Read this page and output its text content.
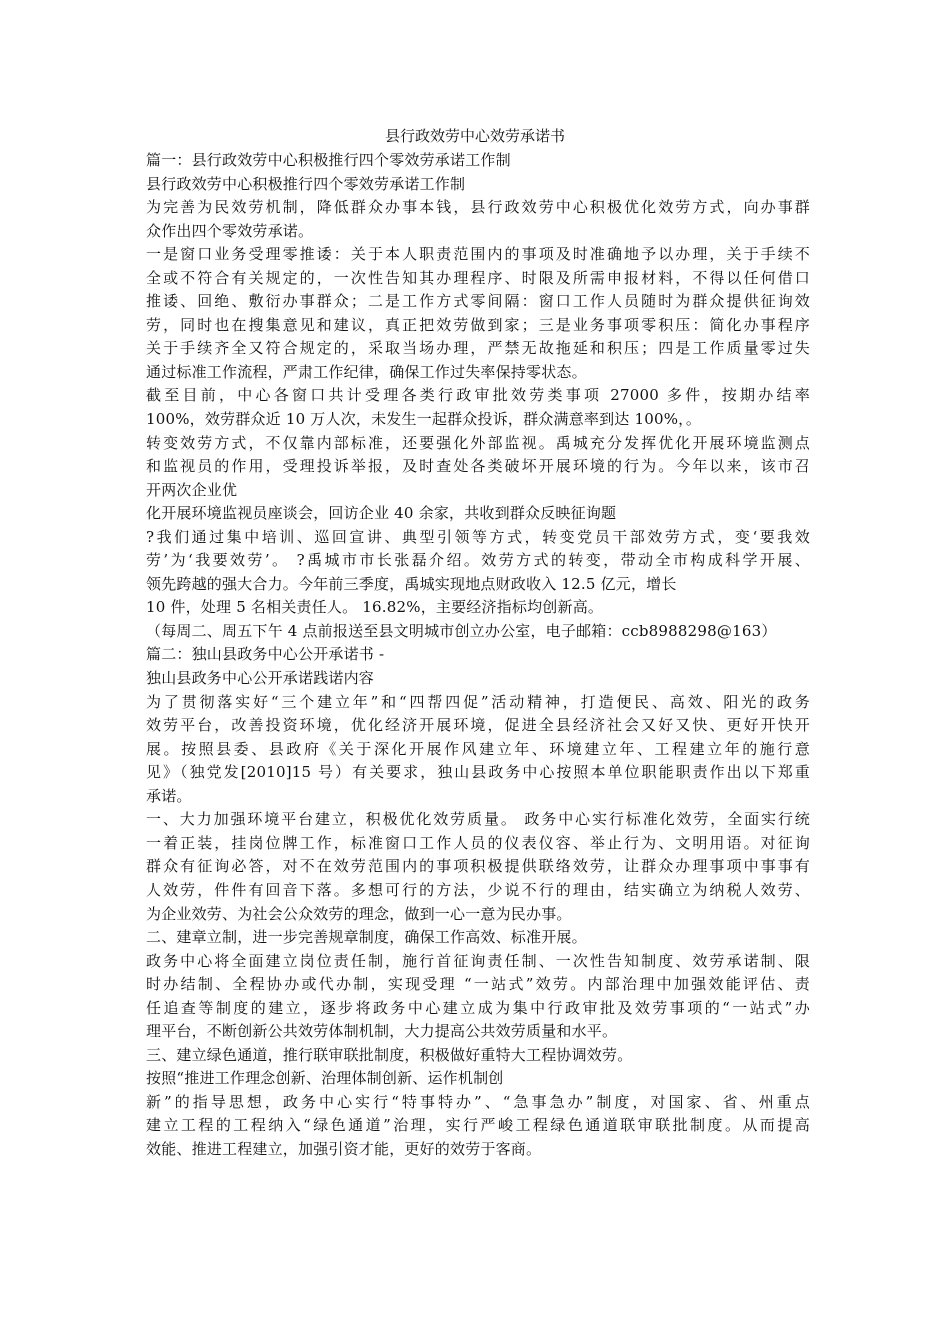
县行政效劳中心效劳承诺书
篇一：县行政效劳中心积极推行四个零效劳承诺工作制
县行政效劳中心积极推行四个零效劳承诺工作制
为完善为民效劳机制，降低群众办事本钱，县行政效劳中心积极优化效劳方式，向办事群
众作出四个零效劳承诺。
一是窗口业务受理零推诿：关于本人职责范围内的事项及时准确地予以办理，关于手续不
全或不符合有关规定的，一次性告知其办理程序、时限及所需申报材料，不得以任何借口
推诿、回绝、敷衍办事群众；二是工作方式零间隔：窗口工作人员随时为群众提供征询效
劳，同时也在搜集意见和建议，真正把效劳做到家；三是业务事项零积压：简化办事程序
关于手续齐全又符合规定的，采取当场办理，严禁无故拖延和积压；四是工作质量零过失
通过标准工作流程，严肃工作纪律，确保工作过失率保持零状态。
截至目前，中心各窗口共计受理各类行政审批效劳类事项 27000 多件，按期办结率
100%，效劳群众近 10 万人次，未发生一起群众投诉，群众满意率到达 100%，。
转变效劳方式，不仅靠内部标准，还要强化外部监视。禹城充分发挥优化开展环境监测点
和监视员的作用，受理投诉举报，及时查处各类破坏开展环境的行为。今年以来，该市召
开两次企业优
化开展环境监视员座谈会，回访企业 40 余家，共收到群众反映征询题
?我们通过集中培训、巡回宣讲、典型引领等方式，转变党员干部效劳方式，变‘要我效
劳’为‘我要效劳’。 ?禹城市市长张磊介绍。效劳方式的转变，带动全市构成科学开展、
领先跨越的强大合力。今年前三季度，禹城实现地点财政收入 12.5 亿元，增长
10 件，处理 5 名相关责任人。 16.82%，主要经济指标均创新高。
（每周二、周五下午 4 点前报送至县文明城市创立办公室，电子邮箱：ccb8988298@163）
篇二：独山县政务中心公开承诺书 -
独山县政务中心公开承诺践诺内容
为了贯彻落实好“三个建立年”和“四帮四促”活动精神，打造便民、高效、阳光的政务
效劳平台，改善投资环境，优化经济开展环境，促进全县经济社会又好又快、更好开快开
展。按照县委、县政府《关于深化开展作风建立年、环境建立年、工程建立年的施行意
见》（独党发[2010]15 号）有关要求，独山县政务中心按照本单位职能职责作出以下郑重
承诺。
一、大力加强环境平台建立，积极优化效劳质量。 政务中心实行标准化效劳，全面实行统
一着正装，挂岗位牌工作，标准窗口工作人员的仪表仪容、举止行为、文明用语。对征询
群众有征询必答，对不在效劳范围内的事项积极提供联络效劳，让群众办理事项中事事有
人效劳，件件有回音下落。多想可行的方法，少说不行的理由，结实确立为纳税人效劳、
为企业效劳、为社会公众效劳的理念，做到一心一意为民办事。
二、建章立制，进一步完善规章制度，确保工作高效、标准开展。
政务中心将全面建立岗位责任制，施行首征询责任制、一次性告知制度、效劳承诺制、限
时办结制、全程协办或代办制，实现受理 “一站式”效劳。内部治理中加强效能评估、责
任追查等制度的建立，逐步将政务中心建立成为集中行政审批及效劳事项的“一站式”办
理平台，不断创新公共效劳体制机制，大力提高公共效劳质量和水平。
三、建立绿色通道，推行联审联批制度，积极做好重特大工程协调效劳。
按照“推进工作理念创新、治理体制创新、运作机制创
新”的指导思想，政务中心实行“特事特办”、“急事急办”制度，对国家、省、州重点
建立工程的工程纳入“绿色通道”治理，实行严峻工程绿色通道联审联批制度。从而提高
效能、推进工程建立，加强引资才能，更好的效劳于客商。
